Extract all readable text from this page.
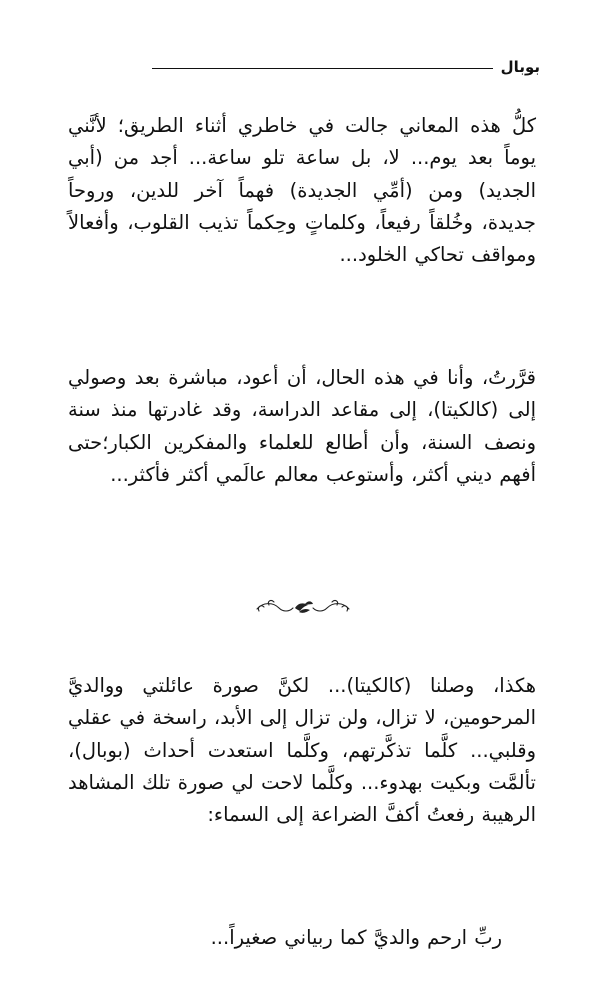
بوبال

كلُّ هذه المعاني جالت في خاطري أثناء الطريق؛ لأنَّني يوماً بعد يوم... لا، بل ساعة تلو ساعة... أجد من (أبي الجديد) ومن (أمِّي الجديدة) فهماً آخر للدين، وروحاً جديدة، وخُلقاً رفيعاً، وكلماتٍ وحِكماً تذيب القلوب، وأفعالاً ومواقف تحاكي الخلود...

قرَّرتُ، وأنا في هذه الحال، أن أعود، مباشرة بعد وصولي إلى (كالكيتا)، إلى مقاعد الدراسة، وقد غادرتها منذ سنة ونصف السنة، وأن أطالع للعلماء والمفكرين الكبار؛حتى أفهم ديني أكثر، وأستوعب معالم عالَمي أكثر فأكثر...

هكذا، وصلنا (كالكيتا)... لكنَّ صورة عائلتي ووالديَّ المرحومين، لا تزال، ولن تزال إلى الأبد، راسخة في عقلي وقلبي... كلَّما تذكَّرتهم، وكلَّما استعدت أحداث (بوبال)، تألمَّت وبكيت بهدوء... وكلَّما لاحت لي صورة تلك المشاهد الرهيبة رفعتُ أكفَّ الضراعة إلى السماء:

ربِّ ارحم والديَّ كما ربياني صغيراً...
